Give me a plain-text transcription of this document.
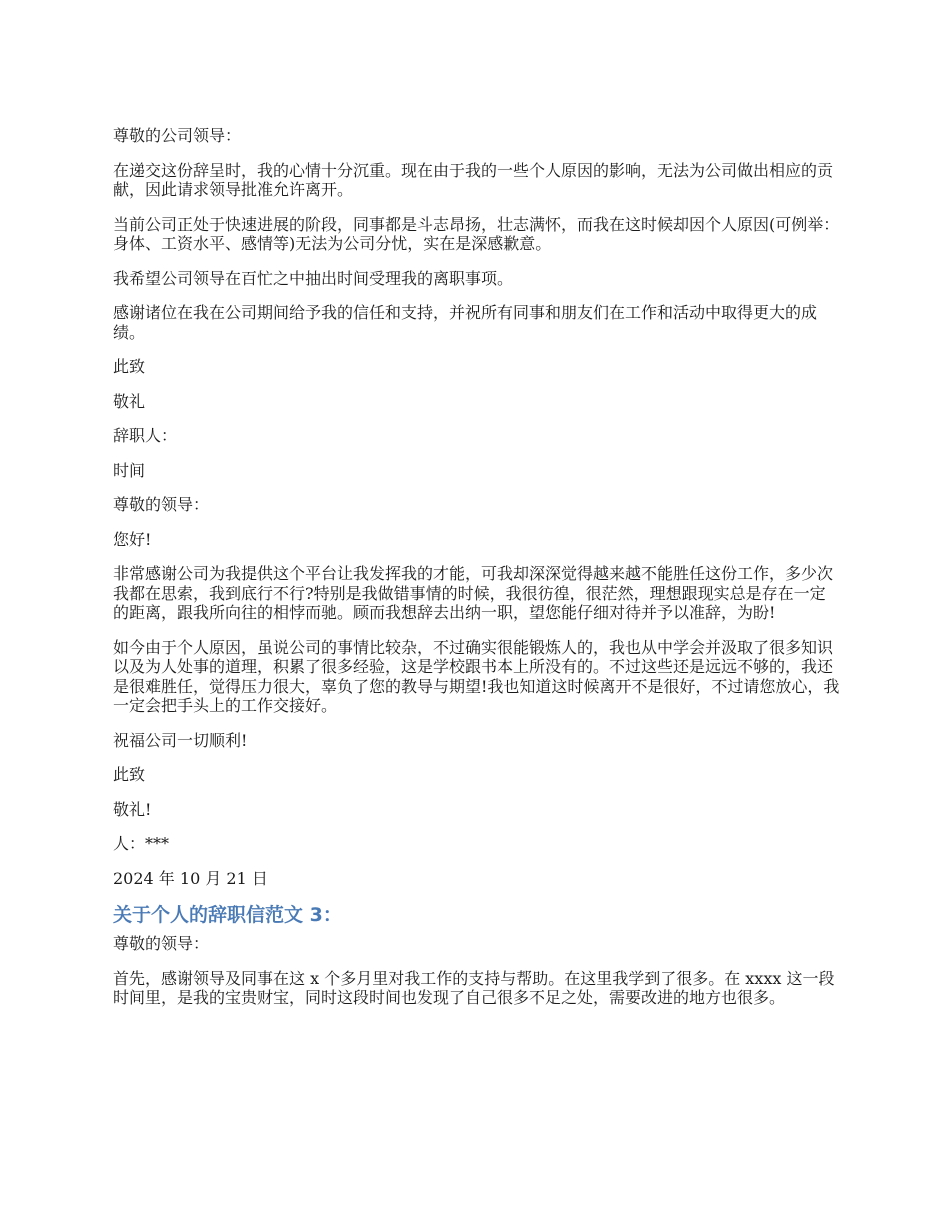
尊敬的公司领导：

在递交这份辞呈时，我的心情十分沉重。现在由于我的一些个人原因的影响，无法为公司做出相应的贡献，因此请求领导批准允许离开。

当前公司正处于快速进展的阶段，同事都是斗志昂扬，壮志满怀，而我在这时候却因个人原因(可例举：身体、工资水平、感情等)无法为公司分忧，实在是深感歉意。

我希望公司领导在百忙之中抽出时间受理我的离职事项。

感谢诸位在我在公司期间给予我的信任和支持，并祝所有同事和朋友们在工作和活动中取得更大的成绩。

此致

敬礼

辞职人：

时间

尊敬的领导：

您好!

非常感谢公司为我提供这个平台让我发挥我的才能，可我却深深觉得越来越不能胜任这份工作，多少次我都在思索，我到底行不行?特别是我做错事情的时候，我很彷徨，很茫然，理想跟现实总是存在一定的距离，跟我所向往的相悖而驰。顾而我想辞去出纳一职，望您能仔细对待并予以准辞，为盼!

如今由于个人原因，虽说公司的事情比较杂，不过确实很能锻炼人的，我也从中学会并汲取了很多知识以及为人处事的道理，积累了很多经验，这是学校跟书本上所没有的。不过这些还是远远不够的，我还是很难胜任，觉得压力很大，辜负了您的教导与期望!我也知道这时候离开不是很好，不过请您放心，我一定会把手头上的工作交接好。

祝福公司一切顺利!

此致

敬礼!

人：***

2024 年 10 月 21 日

关于个人的辞职信范文 3：

尊敬的领导：

首先，感谢领导及同事在这 x 个多月里对我工作的支持与帮助。在这里我学到了很多。在 xxxx 这一段时间里，是我的宝贵财宝，同时这段时间也发现了自己很多不足之处，需要改进的地方也很多。
